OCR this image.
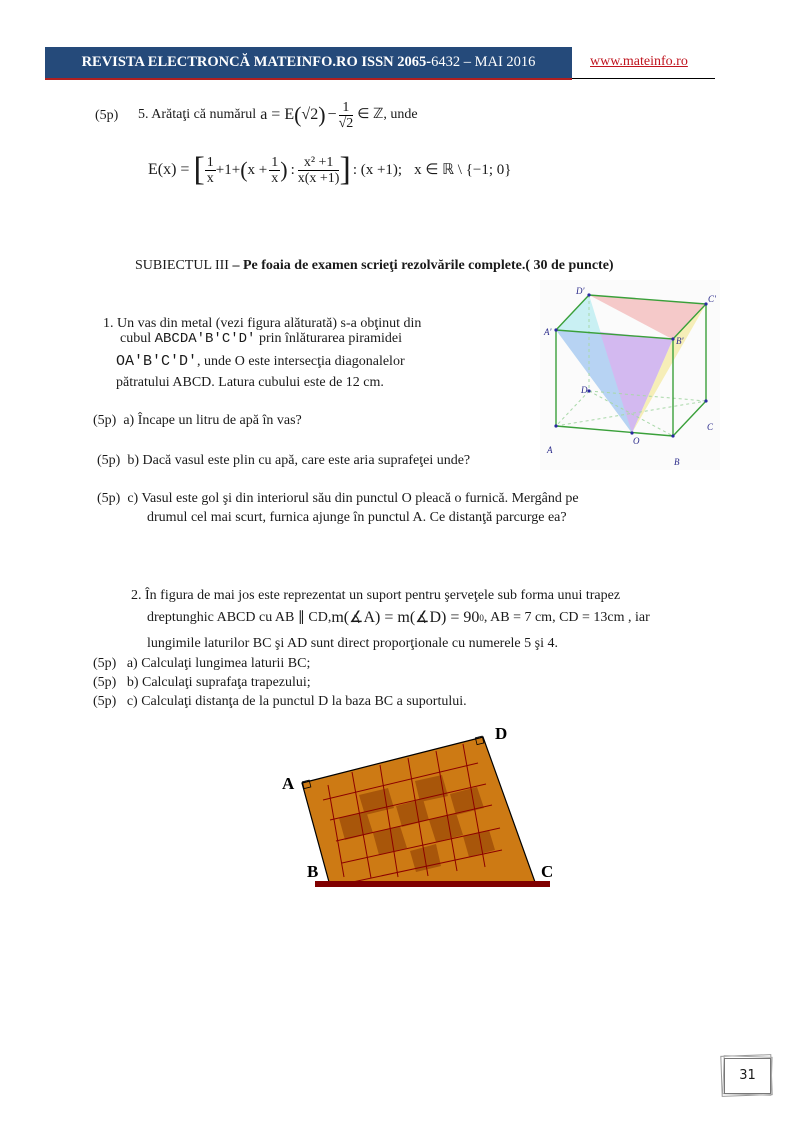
REVISTA ELECTRONCĂ MATEINFO.RO ISSN 2065-6432 – MAI 2016	www.mateinfo.ro
(5p) 5. Arătaţi că numărul a = E ( √2 ) − $\frac{1}{√2}$ ∈ ℤ , unde
E(x) = [ $\frac{1}{x} +1+$ ( $x + \frac{1}{x}$ ) : $\frac{\text{x² +1}}{x(x +1)}$ ] : (x +1); x ∈ ℝ \ {−1; 0}
SUBIECTUL III – Pe foaia de examen scrieţi rezolvările complete.( 30 de puncte)
1. Un vas din metal (vezi figura alăturată) s-a obţinut din
cubul ABCDA'B'C'D' prin înlăturarea piramidei
OA'B'C'D', unde O este intersecţia diagonalelor
pătratului ABCD. Latura cubului este de 12 cm.
(5p) a) Încape un litru de apă în vas?
(5p) b) Dacă vasul este plin cu apă, care este aria suprafeţei unde?
(5p) c) Vasul este gol şi din interiorul său din punctul O pleacă o furnică. Mergând pe
drumul cel mai scurt, furnica ajunge în punctul A. Ce distanţă parcurge ea?
D'
C'
A'
B'
D
O
C
A
B
2. În figura de mai jos este reprezentat un suport pentru şerveţele sub forma unui trapez
dreptunghic ABCD cu AB ∥ CD, m(∡A) = m(∡D) = 90 0 , AB = 7 cm, CD = 13cm , iar
lungimile laturilor BC şi AD sunt direct proporţionale cu numerele 5 şi 4.
(5p) a) Calculaţi lungimea laturii BC;
(5p) b) Calculaţi suprafaţa trapezului;
(5p) c) Calculaţi distanţa de la punctul D la baza BC a suportului.
A
B	C
D
31
